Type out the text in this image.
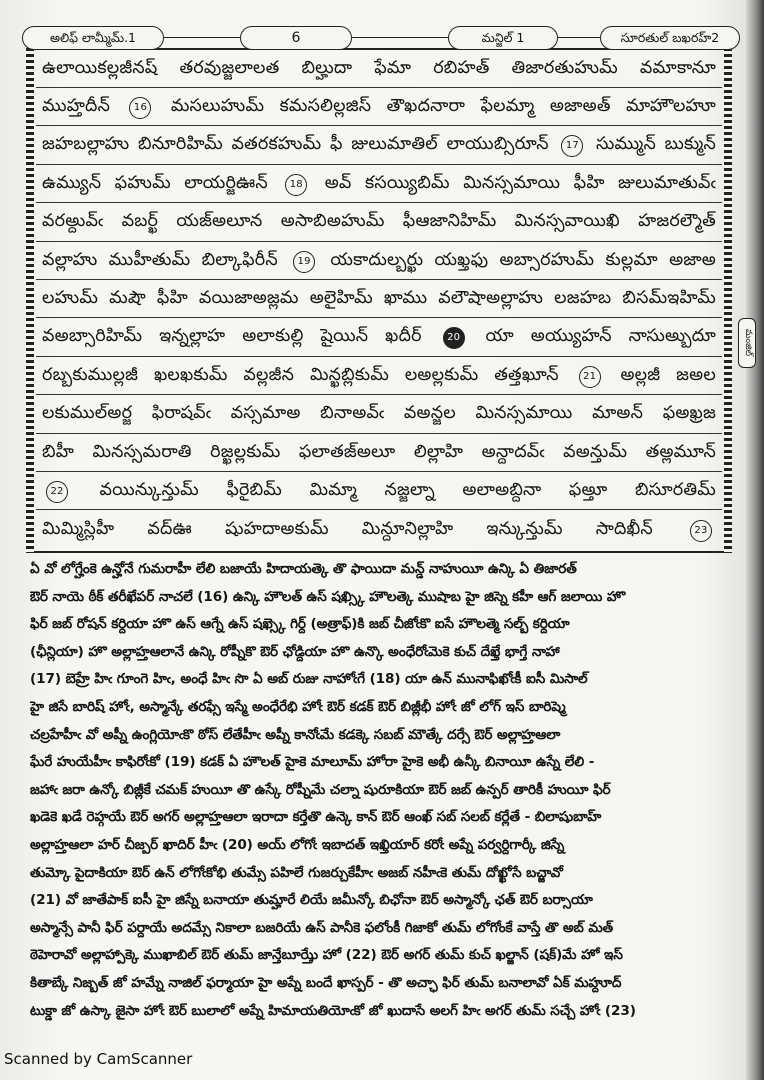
అలిఫ్ లామ్మీమ్.1	6	మన్జిల్ 1	సూరతుల్ బఖరహ్2
ఉలాయికల్లజీనష్ తరవుజ్జలాలత బిల్హుదా ఫేమా రబిహత్ తిజారతుహుమ్ వమాకానూ
ముహ్తదీన్	16 మసలుహుమ్ కమసలిల్లజిస్ తౌఖదనారా ఫేలమ్మా అజాఅత్ మాహౌలహూ
జహబల్లాహు బినూరిహిమ్ వతరకహుమ్ ఫీ జులుమాతిల్ లాయుబ్సిరూన్	17 సుమ్మున్ బుక్మున్
ఉమ్యున్ ఫహుమ్ లాయర్జిఊన్	18 అవ్ కసయ్యిబిమ్ మినస్సమాయి ఫీహి జులుమాతువ్ఁ
వరఅ్దువ్ఁ వబర్ఖ్ యజ్అలూన అసాబిఅహుమ్ ఫీఆజానిహిమ్ మినస్సవాయిఖి హజరల్మౌత్
వల్లాహు ముహీతుమ్ బిల్కాఫిరీన్	19 యకాదుల్బర్ఖు యఖ్తఫు అబ్సారహుమ్ కుల్లమా అజాఅ
లహుమ్ మషౌ ఫీహి వయిజాఅజ్లమ అలైహిమ్ ఖాము వలౌషాఅల్లాహు లజహబ బిసమ్ఇహిమ్
వఅబ్సారిహిమ్ ఇన్నల్లాహ అలాకుల్లి షైయిన్ ఖదీర్	20 యా అయ్యుహన్ నాసుఅ్బుదూ
రబ్బకుముల్లజీ ఖలఖకుమ్ వల్లజీన మిన్ఖబ్లికుమ్ లఅల్లకుమ్ తత్తఖూన్	21 అల్లజీ జఅల
లకుముల్అర్జ ఫిరాషవ్ఁ వస్సమాఅ బినాఅవ్ఁ వఅన్జల మినస్సమాయి మాఅన్ ఫఅఖ్రజ
బిహీ మినస్సమరాతి రిజ్ఖల్లకుమ్ ఫలాతజ్అలూ లిల్లాహి అన్దాదవ్ఁ వఅన్తుమ్ తఅ్లమూన్
22 వయిన్కున్తుమ్ ఫీరైబిమ్ మిమ్మా నజ్జల్నా అలాఅబ్దినా ఫఅ్తూ బిసూరతిమ్
మిమ్మిస్లిహీ వద్ఊ షుహదాఅకుమ్ మిన్దూనిల్లాహి ఇన్కున్తుమ్ సాదిఖీన్	23
మంజిల్
ఏ వో లోగ్హేంకె ఉన్హోనే గుమరాహీ లేలి బజాయే హిదాయత్కె తొ ఫాయిదా మన్డ్ నాహుయీ ఉన్కి ఏ తిజారత్
ఔర్ నాయె ఠీక్ తరీఖేపర్ నాచలే (16) ఉన్కి హౌలత్ ఉస్ షఖ్స్కి హౌలత్కె ముషాబ హై జిస్నె కహీ ఆగ్ జలాయి హొ
ఫిర్ జబ్ రోషన్ కర్దియా హొ ఉస్ ఆగ్నే ఉస్ షఖ్స్కె గిర్ద్ (అత్రాఫ్)కి జబ్ చీజోఁకొ ఐసే హౌలత్మె సల్బ్ కర్దియా
(ఛీన్లియా) హొ అల్లాహ్తఆలానే ఉన్కి రోష్నీకొ ఔర్ ఛోడ్దియా హొ ఉన్కొ అంధేరోఁమెకె కుచ్ దేఖ్తే భాగ్తే నాహా
(17) బెహ్రే హిఁ గూంగె హిఁ, అంధే హిఁ సొ ఏ అబ్ రుజు నాహోఁగే (18) యా ఉన్ మునాఫిఖోఁకీ ఐసీ మిసాల్
హై జిసే బారిష్ హోఁ, అస్మాన్కే తరఫ్సే ఇస్మే అంధేరేభి హోఁ ఔర్ కడక్ ఔర్ బిజ్లీభీ హోఁ జో లోగ్ ఇస్ బారిష్మె
చల్రహేహీఁ వో అప్నీ ఉంగ్లియోఁకొ ఠోస్ లేతేహీఁ అప్నీ కానోఁమే కడక్కె సబబ్ మౌత్కే దర్సే ఔర్ అల్లాహ్తఆలా
ఘేరే హుయేహీఁ కాఫిరోఁకో (19) కడక్ ఏ హౌలత్ హైకె మాలూమ్ హోరా హైకె అభీ ఉన్కీ బినాయీ ఉస్నే లేలి -
జహాఁ జరా ఉన్కో బిజ్లీకే చమక్ హుయీ తొ ఉస్కే రోష్నీమే చల్నా షురూకియా ఔర్ జబ్ ఉన్పర్ తారికీ హుయీ ఫిర్
ఖడెకె ఖడే రెహ్గయే ఔర్ అగర్ అల్లాహ్తఆలా ఇరాదా కర్తేతొ ఉన్కె కాన్ ఔర్ ఆంఖ్ సబ్ సలబ్ కర్లేతే - బిలాషుబాహ్
అల్లాహ్తఆలా హర్ చీజ్పర్ ఖాదిర్ హీఁ (20) అయ్ లోగోఁ ఇబాదత్ ఇఖ్తియార్ కరోఁ అప్నే పర్వర్దిగార్కీ జిస్నే
తుమ్కో పైదాకియా ఔర్ ఉన్ లోగోఁకోభి తుమ్సే పహిలే గుజర్చుకేహీఁ అజబ్ నహీఁకె తుమ్ దోఖ్ఖోసే బచ్జావో
(21) వో జాతేపాక్ ఐసీ హై జిస్నే బనాయా తుమ్హారే లియే జమీన్కో బిఛోనా ఔర్ అస్మాన్కో ఛత్ ఔర్ బర్సాయా
అస్మాన్సే పానీ ఫిర్ పర్దాయే అదమ్సే నికాలా బజరియే ఉస్ పానీకె ఫలోంకీ గిజాకో తుమ్ లోగోంకే వాస్తే తొ అబ్ మత్
ఠెహెరావో అల్లాహ్పాక్కె ముఖాబిల్ ఔర్ తుమ్ జాన్తేబూఝ్తే హో (22) ఔర్ అగర్ తుమ్ కుచ్ ఖల్జాన్ (షక్)మే హో ఇస్
కితాబ్కే నిజ్బత్ జో హమ్నే నాజిల్ ఫర్మాయా హై అప్నే బందే ఖాస్పర్ - తొ అచ్ఛా ఫిర్ తుమ్ బనాలావో ఏక్ మహ్దూద్
టుక్డా జో ఉస్కా జైసా హోఁ ఔర్ బులాలో అప్నే హిమాయతియోఁకో జో ఖుదాసే అలగ్ హిఁ అగర్ తుమ్ సచ్చే హోఁ (23)
Scanned by CamScanner
